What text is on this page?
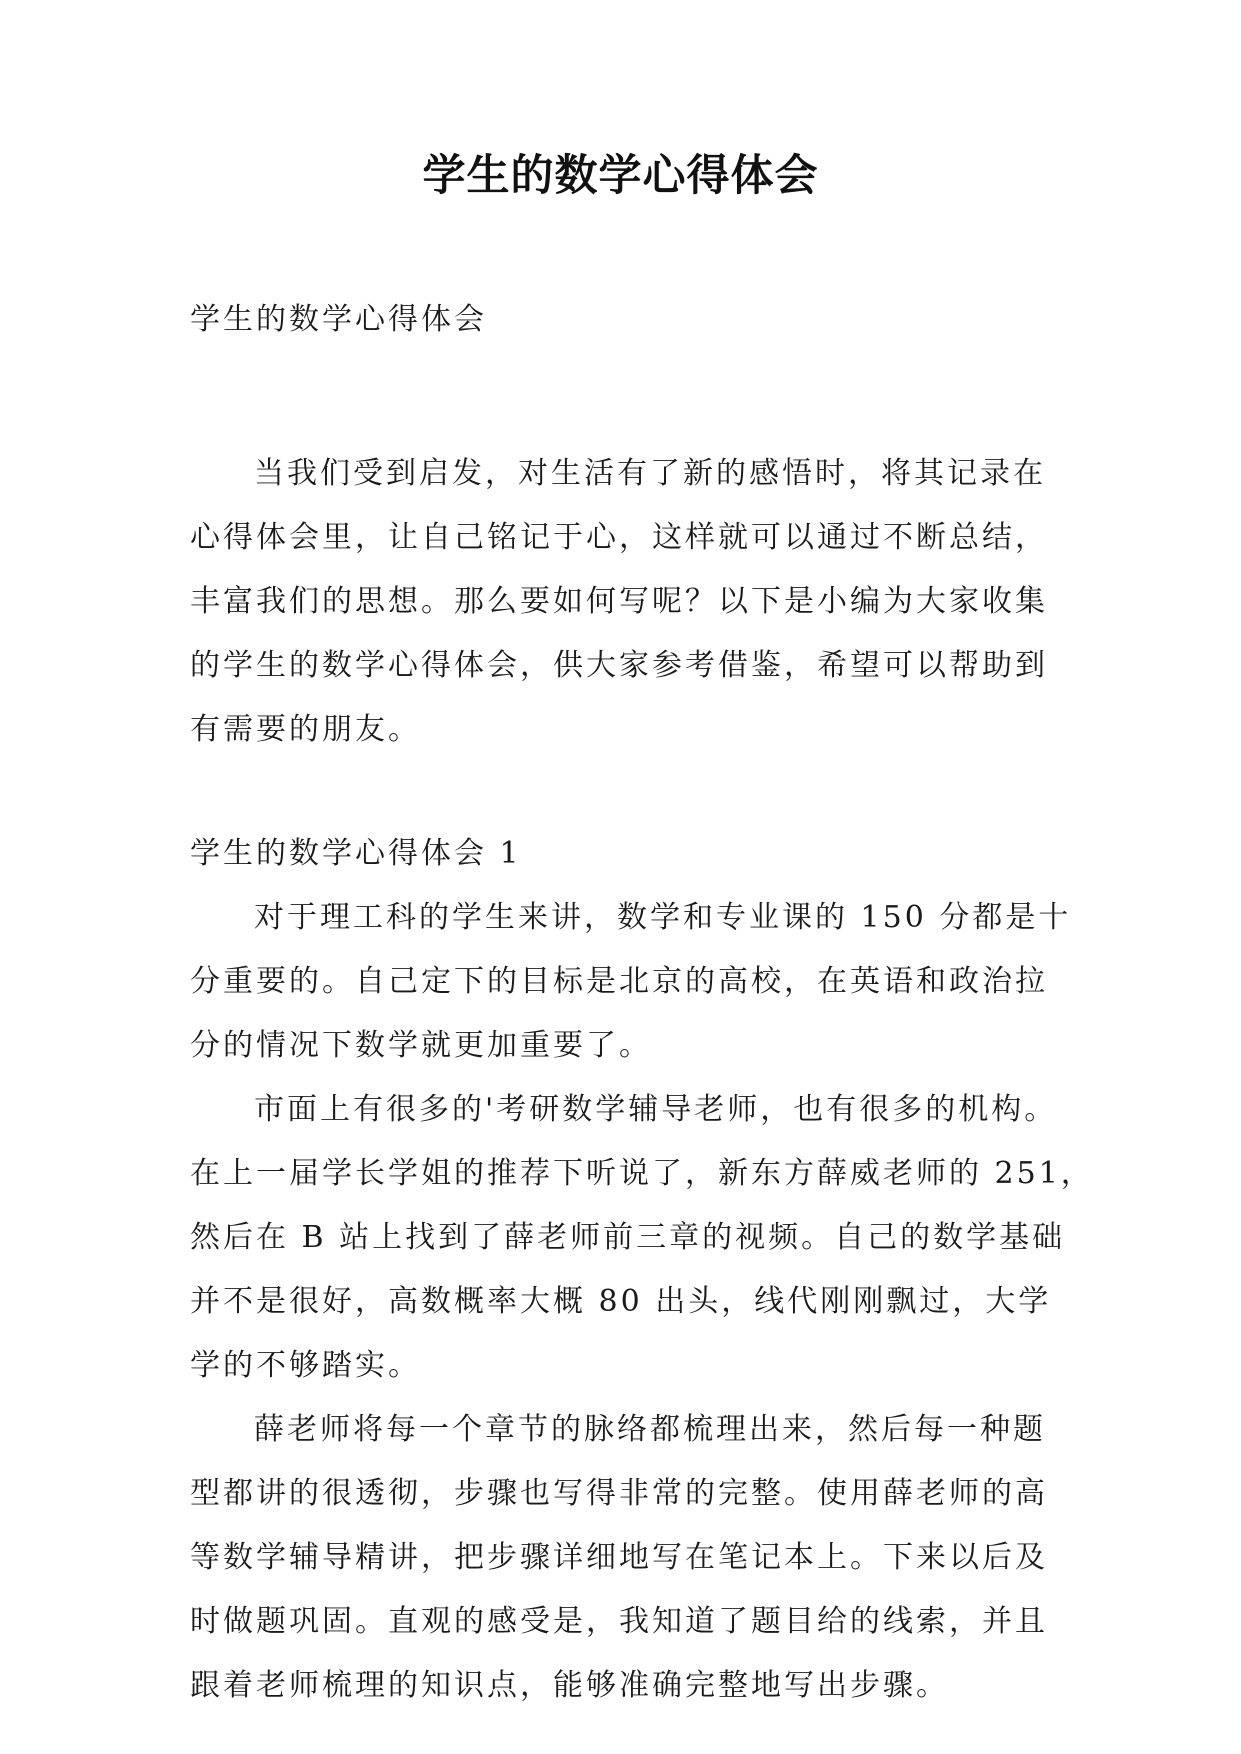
学生的数学心得体会
学生的数学心得体会
当我们受到启发，对生活有了新的感悟时，将其记录在
心得体会里，让自己铭记于心，这样就可以通过不断总结，
丰富我们的思想。那么要如何写呢？以下是小编为大家收集
的学生的数学心得体会，供大家参考借鉴，希望可以帮助到
有需要的朋友。
学生的数学心得体会 1
对于理工科的学生来讲，数学和专业课的 150 分都是十
分重要的。自己定下的目标是北京的高校，在英语和政治拉
分的情况下数学就更加重要了。
市面上有很多的'考研数学辅导老师，也有很多的机构。
在上一届学长学姐的推荐下听说了，新东方薛威老师的 251，
然后在 B 站上找到了薛老师前三章的视频。自己的数学基础
并不是很好，高数概率大概 80 出头，线代刚刚飘过，大学
学的不够踏实。
薛老师将每一个章节的脉络都梳理出来，然后每一种题
型都讲的很透彻，步骤也写得非常的完整。使用薛老师的高
等数学辅导精讲，把步骤详细地写在笔记本上。下来以后及
时做题巩固。直观的感受是，我知道了题目给的线索，并且
跟着老师梳理的知识点，能够准确完整地写出步骤。
